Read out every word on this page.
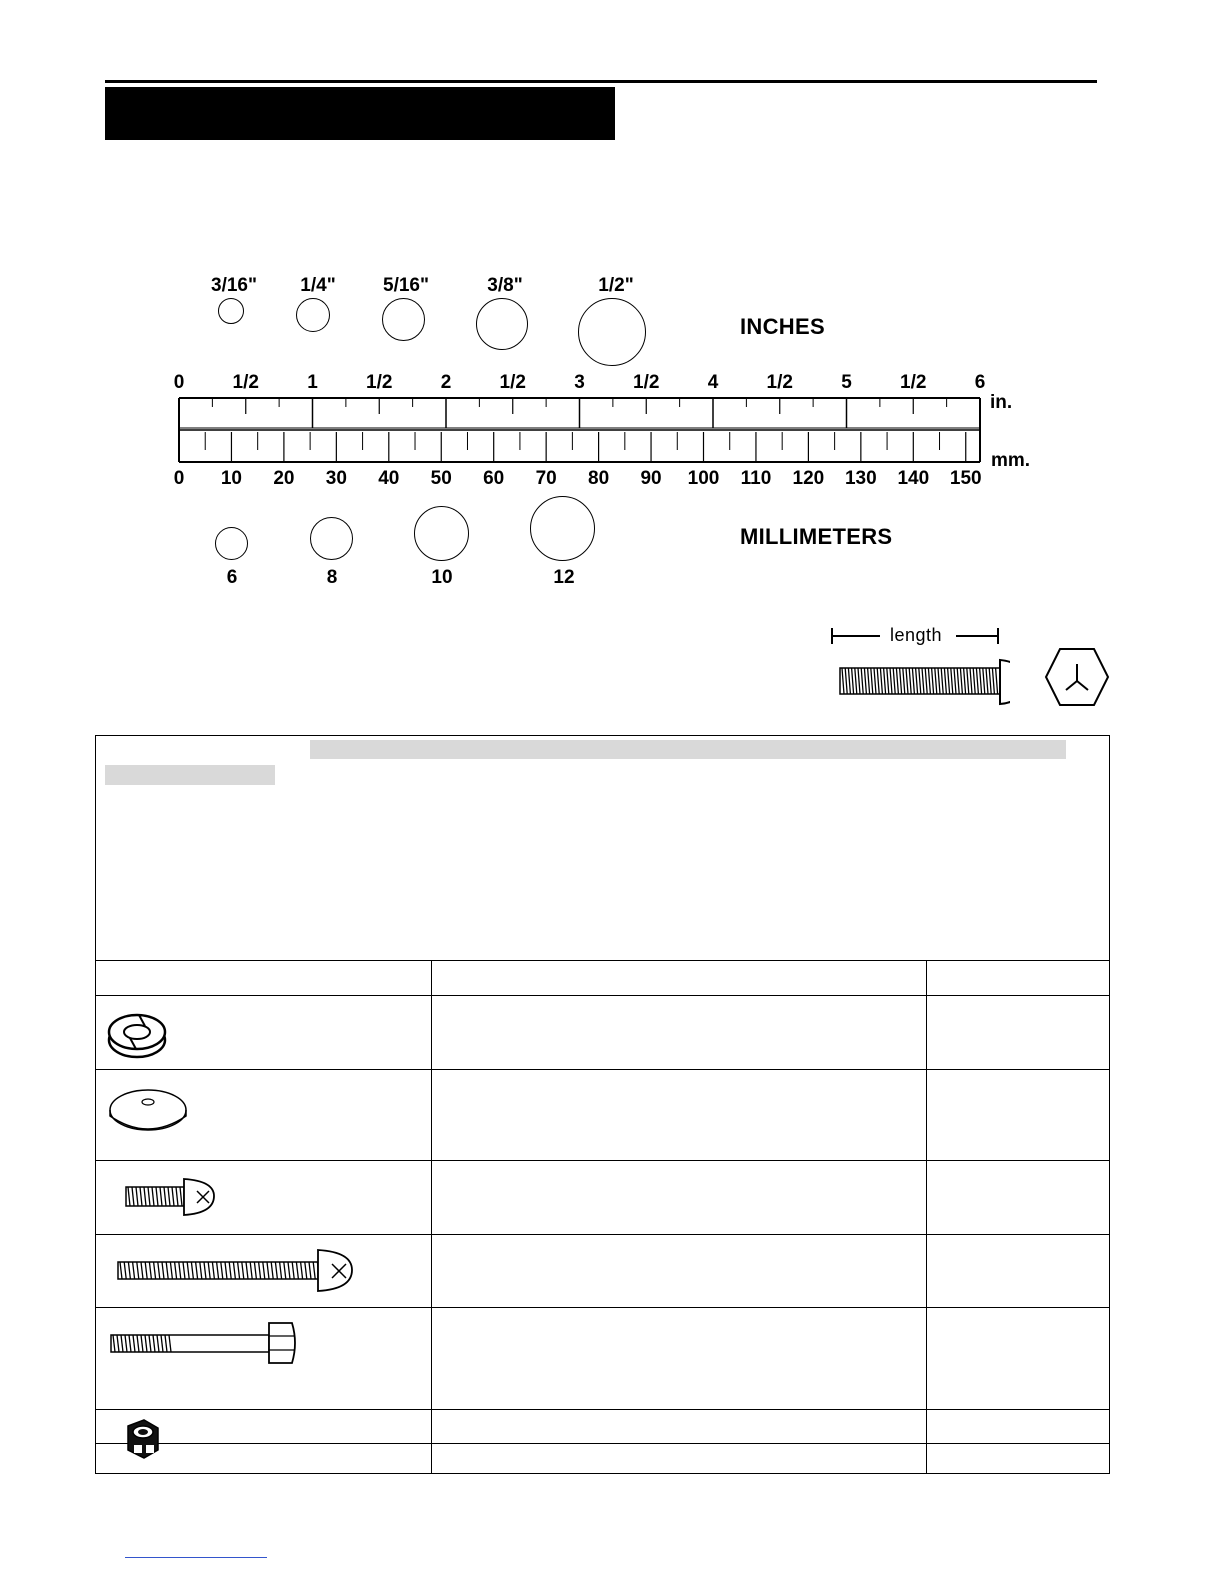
3/16"	1/4"	5/16"	3/8"	1/2"
INCHES
0	1/2	1	1/2	2	1/2	3	1/2	4	1/2	5	1/2	6
in.
0	10	20	30	40	50	60	70	80	90	100	110	120	130	140	150
mm.
6	8	10	12
MILLIMETERS
length
